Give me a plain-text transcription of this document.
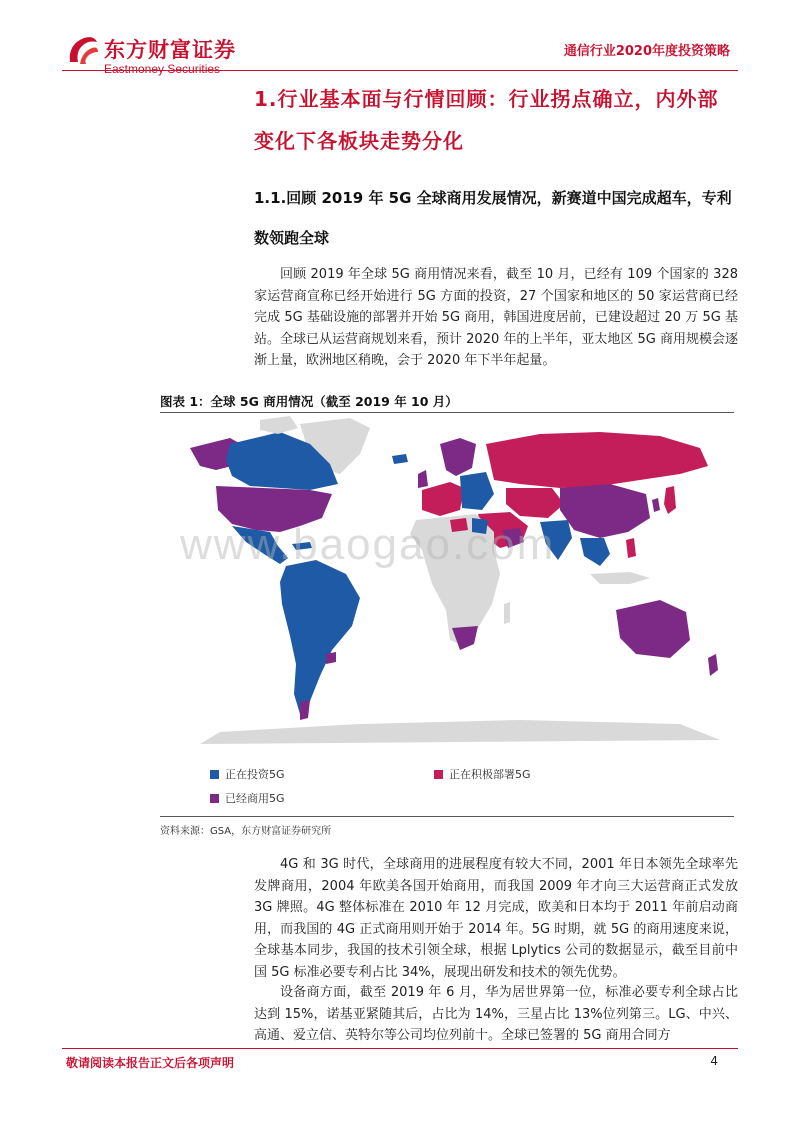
东方财富证券
Eastmoney Securities
通信行业2020年度投资策略
1.行业基本面与行情回顾：行业拐点确立，内外部变化下各板块走势分化
1.1.回顾 2019 年 5G 全球商用发展情况，新赛道中国完成超车，专利数领跑全球

回顾 2019 年全球 5G 商用情况来看，截至 10 月，已经有 109 个国家的 328 家运营商宣称已经开始进行 5G 方面的投资，27 个国家和地区的 50 家运营商已经完成 5G 基础设施的部署并开始 5G 商用，韩国进度居前，已建设超过 20 万 5G 基站。全球已从运营商规划来看，预计 2020 年的上半年，亚太地区 5G 商用规模会逐渐上量，欧洲地区稍晚，会于 2020 年下半年起量。

图表 1：全球 5G 商用情况（截至 2019 年 10 月）
www.baogao.com
正在投资5G	正在积极部署5G
已经商用5G
资料来源：GSA，东方财富证券研究所

4G 和 3G 时代，全球商用的进展程度有较大不同，2001 年日本领先全球率先发牌商用，2004 年欧美各国开始商用，而我国 2009 年才向三大运营商正式发放 3G 牌照。4G 整体标准在 2010 年 12 月完成，欧美和日本均于 2011 年前启动商用，而我国的 4G 正式商用则开始于 2014 年。5G 时期，就 5G 的商用速度来说，全球基本同步，我国的技术引领全球，根据 Lplytics 公司的数据显示，截至目前中国 5G 标准必要专利占比 34%，展现出研发和技术的领先优势。

设备商方面，截至 2019 年 6 月，华为居世界第一位，标准必要专利全球占比达到 15%，诺基亚紧随其后，占比为 14%，三星占比 13%位列第三。LG、中兴、高通、爱立信、英特尔等公司均位列前十。全球已签署的 5G 商用合同方

敬请阅读本报告正文后各项声明	4
